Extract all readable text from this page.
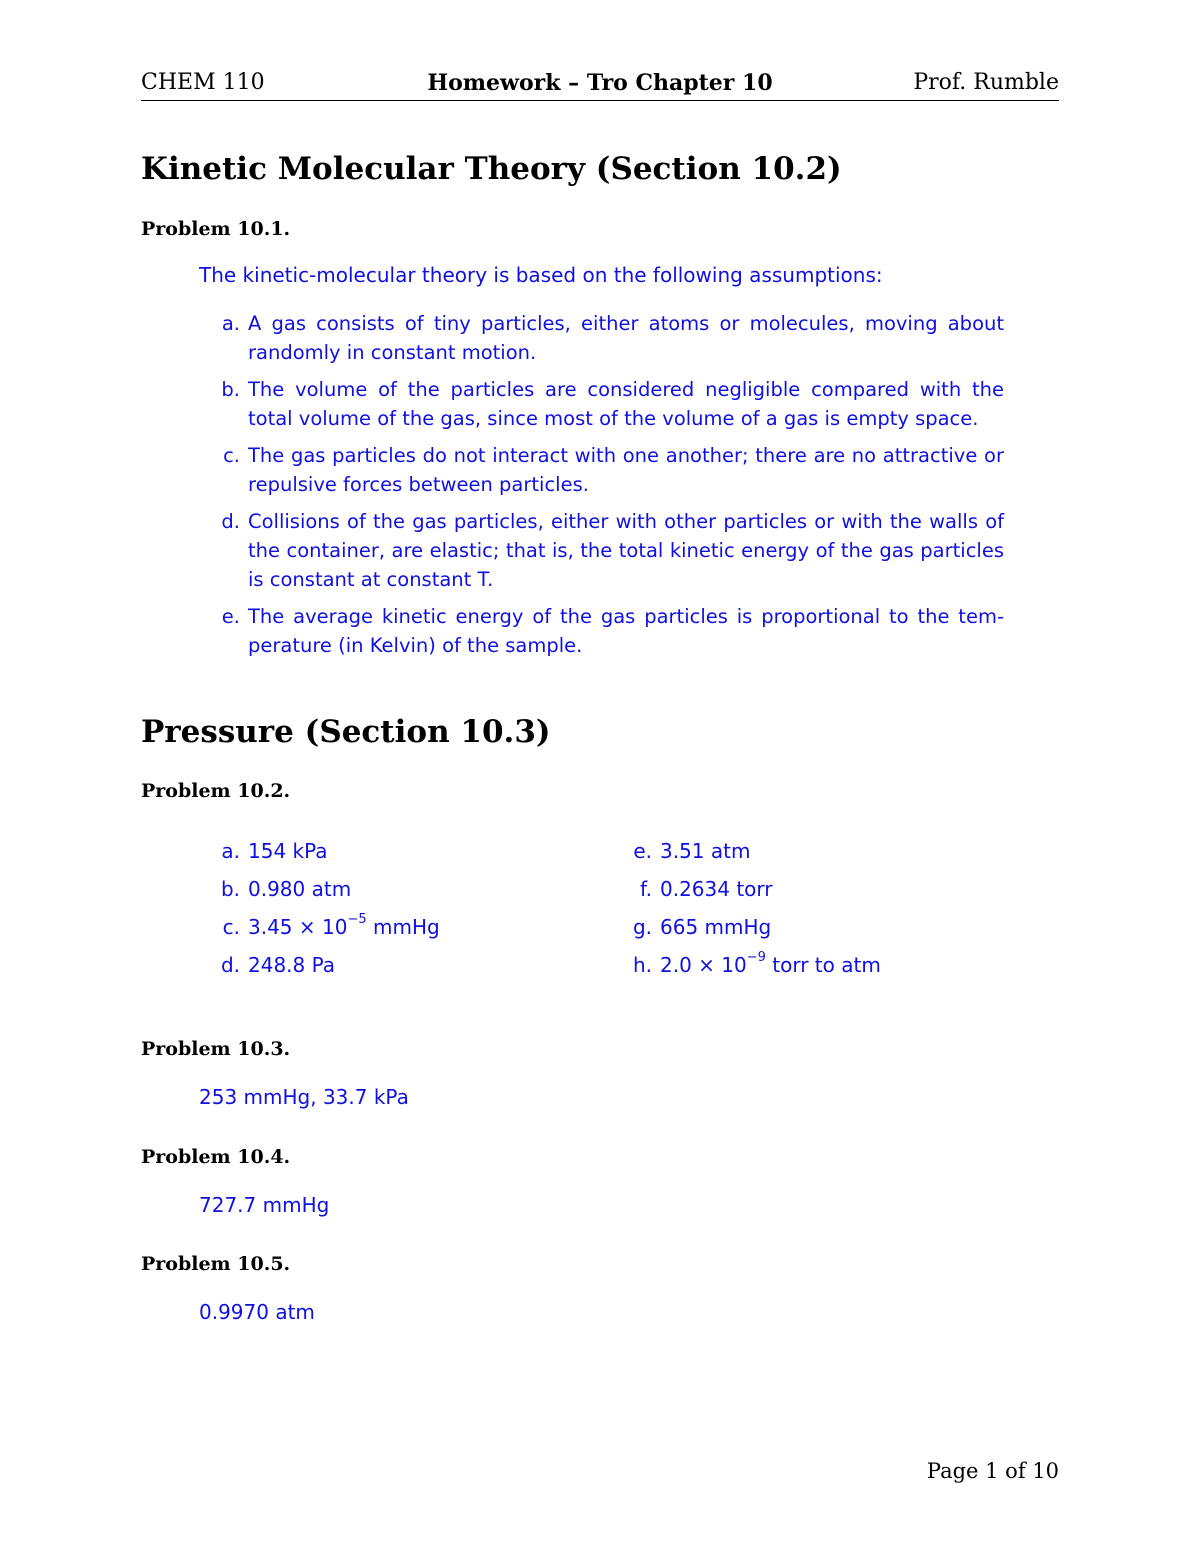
CHEM 110	Homework – Tro Chapter 10	Prof. Rumble
Kinetic Molecular Theory (Section 10.2)
Problem 10.1.
The kinetic-molecular theory is based on the following assumptions:
a. A gas consists of tiny particles, either atoms or molecules, moving about randomly in constant motion.
b. The volume of the particles are considered negligible compared with the total volume of the gas, since most of the volume of a gas is empty space.
c. The gas particles do not interact with one another; there are no attractive or repulsive forces between particles.
d. Collisions of the gas particles, either with other particles or with the walls of the container, are elastic; that is, the total kinetic energy of the gas particles is constant at constant T.
e. The average kinetic energy of the gas particles is proportional to the tem-perature (in Kelvin) of the sample.
Pressure (Section 10.3)
Problem 10.2.
a. 154 kPa
b. 0.980 atm
c. $3.45 \times 10^{-5}$ mmHg
d. 248.8 Pa
e. 3.51 atm
f. 0.2634 torr
g. 665 mmHg
h. $2.0 \times 10^{-9}$ torr to atm
Problem 10.3.
253 mmHg, 33.7 kPa
Problem 10.4.
727.7 mmHg
Problem 10.5.
0.9970 atm
Page 1 of 10
